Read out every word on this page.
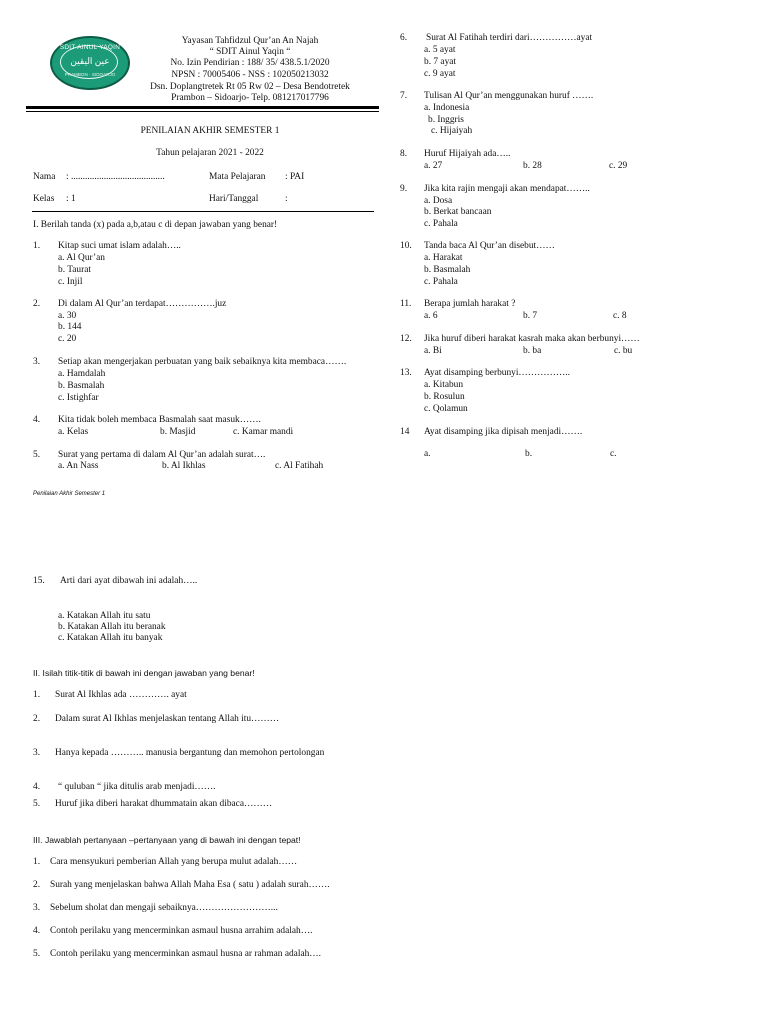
SDIT AINUL YAQIN
عين اليقين
PRAMBON · SIDOARJO
Yayasan Tahfidzul Qur’an An Najah
“ SDIT Ainul Yaqin “
No. Izin Pendirian : 188/ 35/ 438.5.1/2020
NPSN : 70005406 - NSS : 102050213032
Dsn. Doplangtretek Rt 05 Rw 02 – Desa Bendotretek
Prambon – Sidoarjo- Telp. 081217017796
PENILAIAN AKHIR SEMESTER 1
Tahun pelajaran 2021 - 2022
Nama : ........................................	Mata Pelajaran : PAI
Kelas : 1	Hari/Tanggal	:
I. Berilah tanda (x) pada a,b,atau c di depan jawaban yang benar!
1. Kitap suci umat islam adalah…..
a. Al Qur’an
b. Taurat
c. Injil
2. Di dalam Al Qur’an terdapat…………….juz
a. 30
b. 144
c. 20
3. Setiap akan mengerjakan perbuatan yang baik sebaiknya kita membaca…….
a. Hamdalah
b. Basmalah
c. Istighfar
4. Kita tidak boleh membaca Basmalah saat masuk…….
a. Kelas	b. Masjid	c. Kamar mandi
5. Surat yang pertama di dalam Al Qur’an adalah surat….
a. An Nass	b. Al Ikhlas	c. Al Fatihah
Penilaian Akhir Semester 1
6. Surat Al Fatihah terdiri dari……………ayat
a. 5 ayat
b. 7 ayat
c. 9 ayat
7. Tulisan Al Qur’an menggunakan huruf …….
a. Indonesia
b. Inggris
c. Hijaiyah
8. Huruf Hijaiyah ada…..
a. 27	b. 28	c. 29
9. Jika kita rajin mengaji akan mendapat……..
a. Dosa
b. Berkat bancaan
c. Pahala
10. Tanda baca Al Qur’an disebut……
a. Harakat
b. Basmalah
c. Pahala
11. Berapa jumlah harakat ?
a. 6	b. 7	c. 8
12. Jika huruf diberi harakat kasrah maka akan berbunyi……
a. Bi	b. ba	c. bu
13. Ayat disamping berbunyi……………..
a. Kitabun
b. Rosulun
c. Qolamun
14 Ayat disamping jika dipisah menjadi…….
a.	b.	c.
15. Arti dari ayat dibawah ini adalah…..
a. Katakan Allah itu satu
b. Katakan Allah itu beranak
c. Katakan Allah itu banyak
II. Isilah titik-titik di bawah ini dengan jawaban yang benar!
1. Surat Al Ikhlas ada …………. ayat
2. Dalam surat Al Ikhlas menjelaskan tentang Allah itu………
3. Hanya kepada ……….. manusia bergantung dan memohon pertolongan
4. “ quluban “ jika ditulis arab menjadi…….
5. Huruf jika diberi harakat dhummatain akan dibaca………
III. Jawablah pertanyaan –pertanyaan yang di bawah ini dengan tepat!
1. Cara mensyukuri pemberian Allah yang berupa mulut adalah……
2. Surah yang menjelaskan bahwa Allah Maha Esa ( satu ) adalah surah…….
3. Sebelum sholat dan mengaji sebaiknya……………………...
4. Contoh perilaku yang mencerminkan asmaul husna arrahim adalah….
5. Contoh perilaku yang mencerminkan asmaul husna ar rahman adalah….
